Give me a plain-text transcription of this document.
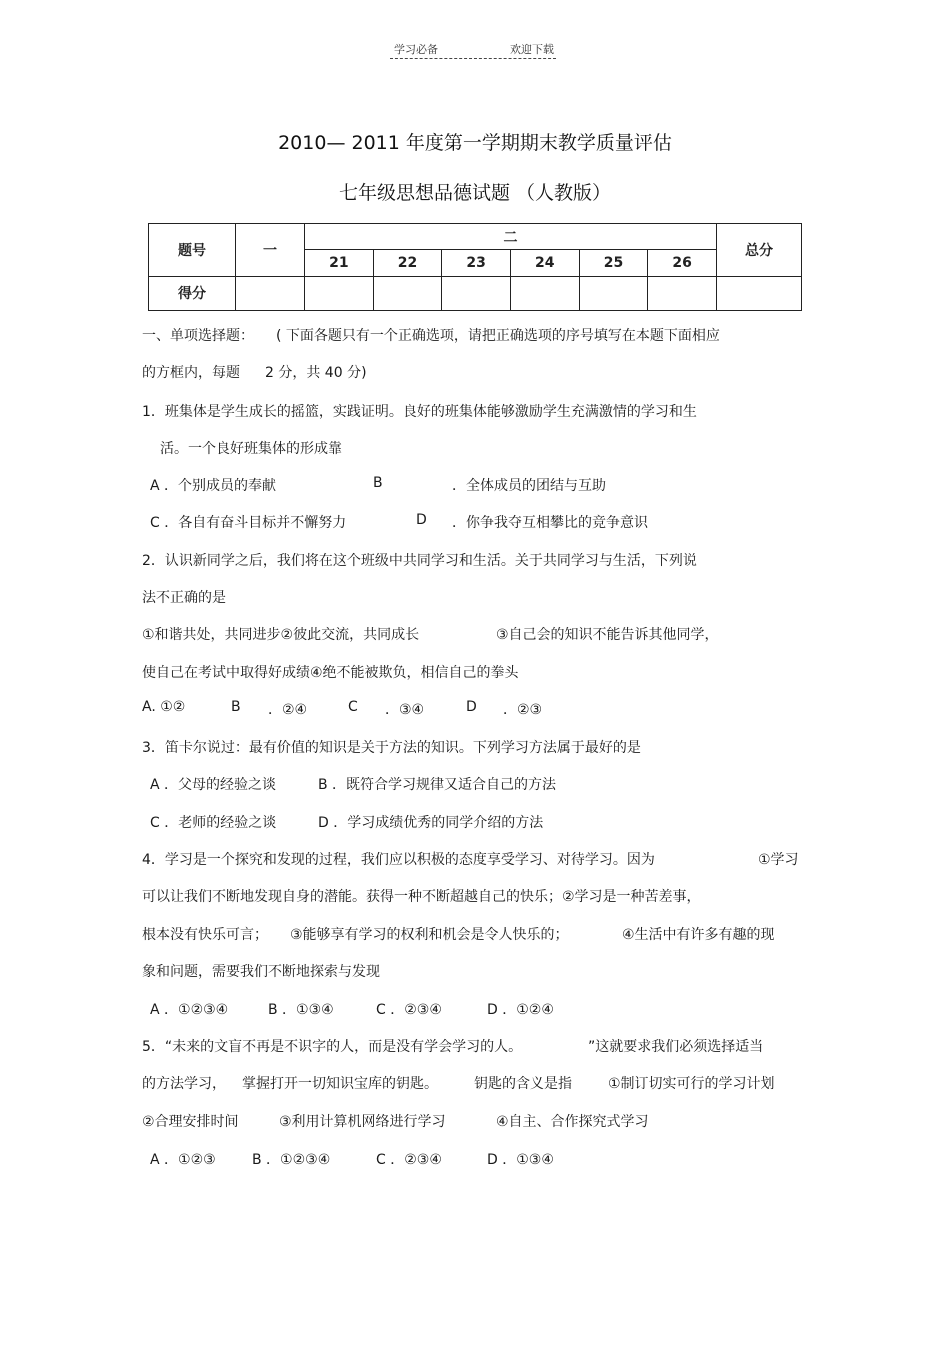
学习必备	欢迎下载
2010— 2011 年度第一学期期末教学质量评估
七年级思想品德试题 （人教版）
题号	一	二						总分
		21	22	23	24	25	26	
得分								
一、单项选择题： ( 下面各题只有一个正确选项，请把正确选项的序号填写在本题下面相应
的方框内，每题 2 分，共 40 分)
1．班集体是学生成长的摇篮，实践证明。良好的班集体能够激励学生充满激情的学习和生
活。一个良好班集体的形成靠
A ．个别成员的奉献	B	．全体成员的团结与互助
C ．各自有奋斗目标并不懈努力	D ．你争我夺互相攀比的竞争意识
2．认识新同学之后，我们将在这个班级中共同学习和生活。关于共同学习与生活，下列说
法不正确的是
①和谐共处，共同进步②彼此交流，共同成长	③自己会的知识不能告诉其他同学，
使自己在考试中取得好成绩④绝不能被欺负，相信自己的拳头
A. ①②	B ．②④	C ．③④	D ．②③
3．笛卡尔说过：最有价值的知识是关于方法的知识。下列学习方法属于最好的是
A ．父母的经验之谈	B ．既符合学习规律又适合自己的方法
C ．老师的经验之谈	D ．学习成绩优秀的同学介绍的方法
4．学习是一个探究和发现的过程，我们应以积极的态度享受学习、对待学习。因为	①学习
可以让我们不断地发现自身的潜能。获得一种不断超越自己的快乐；②学习是一种苦差事，
根本没有快乐可言； ③能够享有学习的权利和机会是令人快乐的；	④生活中有许多有趣的现
象和问题，需要我们不断地探索与发现
A ．①②③④	B ．①③④	C ．②③④	D ．①②④
5．“未来的文盲不再是不识字的人，而是没有学会学习的人。	”这就要求我们必须选择适当
的方法学习， 掌握打开一切知识宝库的钥匙。	钥匙的含义是指	①制订切实可行的学习计划
②合理安排时间	③利用计算机网络进行学习	④自主、合作探究式学习
A ．①②③	B ．①②③④	C ．②③④	D ．①③④
